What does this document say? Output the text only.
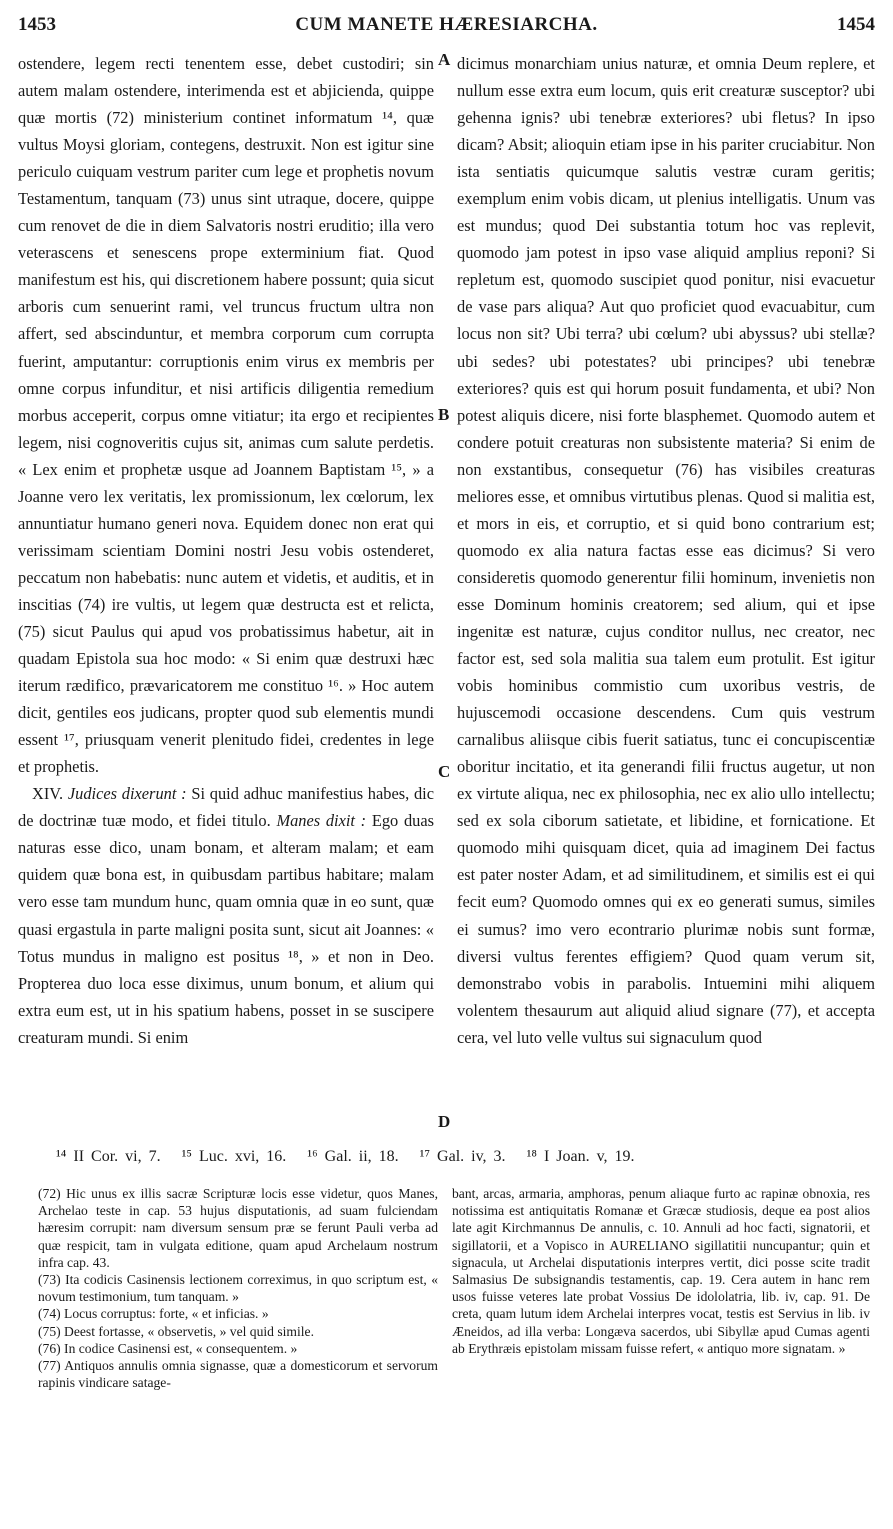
1453	CUM MANETE HÆRESIARCHA.	1454

ostendere, legem recti tenentem esse, debet custodiri; sin autem malam ostendere, interimenda est et abjicienda, quippe quæ mortis (72) ministerium continet informatum ¹⁴, quæ vultus Moysi gloriam, contegens, destruxit. Non est igitur sine periculo cuiquam vestrum pariter cum lege et prophetis novum Testamentum, tanquam (73) unus sint utraque, docere, quippe cum renovet de die in diem Salvatoris nostri eruditio; illa vero veterascens et senescens prope exterminium fiat. Quod manifestum est his, qui discretionem habere possunt; quia sicut arboris cum senuerint rami, vel truncus fructum ultra non affert, sed abscinduntur, et membra corporum cum corrupta fuerint, amputantur: corruptionis enim virus ex membris per omne corpus infunditur, et nisi artificis diligentia remedium morbus acceperit, corpus omne vitiatur; ita ergo et recipientes legem, nisi cognoveritis cujus sit, animas cum salute perdetis. « Lex enim et prophetæ usque ad Joannem Baptistam ¹⁵, » a Joanne vero lex veritatis, lex promissionum, lex cœlorum, lex annuntiatur humano generi nova. Equidem donec non erat qui verissimam scientiam Domini nostri Jesu vobis ostenderet, peccatum non habebatis: nunc autem et videtis, et auditis, et in inscitias (74) ire vultis, ut legem quæ destructa est et relicta, (75) sicut Paulus qui apud vos probatissimus habetur, ait in quadam Epistola sua hoc modo: « Si enim quæ destruxi hæc iterum rædifico, prævaricatorem me constituo ¹⁶. » Hoc autem dicit, gentiles eos judicans, propter quod sub elementis mundi essent ¹⁷, priusquam venerit plenitudo fidei, credentes in lege et prophetis.

XIV. Judices dixerunt : Si quid adhuc manifestius habes, dic de doctrinæ tuæ modo, et fidei titulo. Manes dixit : Ego duas naturas esse dico, unam bonam, et alteram malam; et eam quidem quæ bona est, in quibusdam partibus habitare; malam vero esse tam mundum hunc, quam omnia quæ in eo sunt, quæ quasi ergastula in parte maligni posita sunt, sicut ait Joannes: « Totus mundus in maligno est positus ¹⁸, » et non in Deo. Propterea duo loca esse diximus, unum bonum, et alium qui extra eum est, ut in his spatium habens, posset in se suscipere creaturam mundi. Si enim

A
B
C
D

dicimus monarchiam unius naturæ, et omnia Deum replere, et nullum esse extra eum locum, quis erit creaturæ susceptor? ubi gehenna ignis? ubi tenebræ exteriores? ubi fletus? In ipso dicam? Absit; alioquin etiam ipse in his pariter cruciabitur. Non ista sentiatis quicumque salutis vestræ curam geritis; exemplum enim vobis dicam, ut plenius intelligatis. Unum vas est mundus; quod Dei substantia totum hoc vas replevit, quomodo jam potest in ipso vase aliquid amplius reponi? Si repletum est, quomodo suscipiet quod ponitur, nisi evacuetur de vase pars aliqua? Aut quo proficiet quod evacuabitur, cum locus non sit? Ubi terra? ubi cœlum? ubi abyssus? ubi stellæ? ubi sedes? ubi potestates? ubi principes? ubi tenebræ exteriores? quis est qui horum posuit fundamenta, et ubi? Non potest aliquis dicere, nisi forte blasphemet. Quomodo autem et condere potuit creaturas non subsistente materia? Si enim de non exstantibus, consequetur (76) has visibiles creaturas meliores esse, et omnibus virtutibus plenas. Quod si malitia est, et mors in eis, et corruptio, et si quid bono contrarium est; quomodo ex alia natura factas esse eas dicimus? Si vero consideretis quomodo generentur filii hominum, invenietis non esse Dominum hominis creatorem; sed alium, qui et ipse ingenitæ est naturæ, cujus conditor nullus, nec creator, nec factor est, sed sola malitia sua talem eum protulit. Est igitur vobis hominibus commistio cum uxoribus vestris, de hujuscemodi occasione descendens. Cum quis vestrum carnalibus aliisque cibis fuerit satiatus, tunc ei concupiscentiæ oboritur incitatio, et ita generandi filii fructus augetur, ut non ex virtute aliqua, nec ex philosophia, nec ex alio ullo intellectu; sed ex sola ciborum satietate, et libidine, et fornicatione. Et quomodo mihi quisquam dicet, quia ad imaginem Dei factus est pater noster Adam, et ad similitudinem, et similis est ei qui fecit eum? Quomodo omnes qui ex eo generati sumus, similes ei sumus? imo vero econtrario plurimæ nobis sunt formæ, diversi vultus ferentes effigiem? Quod quam verum sit, demonstrabo vobis in parabolis. Intuemini mihi aliquem volentem thesaurum aut aliquid aliud signare (77), et accepta cera, vel luto velle vultus sui signaculum quod

¹⁴ II Cor. vi, 7. ¹⁵ Luc. xvi, 16. ¹⁶ Gal. ii, 18. ¹⁷ Gal. iv, 3. ¹⁸ I Joan. v, 19.

(72) Hic unus ex illis sacræ Scripturæ locis esse videtur, quos Manes, Archelao teste in cap. 53 hujus disputationis, ad suam fulciendam hæresim corrupit: nam diversum sensum præ se ferunt Pauli verba ad quæ respicit, tam in vulgata editione, quam apud Archelaum nostrum infra cap. 43.

(73) Ita codicis Casinensis lectionem correximus, in quo scriptum est, « novum testimonium, tum tanquam. »

(74) Locus corruptus: forte, « et inficias. »

(75) Deest fortasse, « observetis, » vel quid simile.

(76) In codice Casinensi est, « consequentem. »

(77) Antiquos annulis omnia signasse, quæ a domesticorum et servorum rapinis vindicare satage-

bant, arcas, armaria, amphoras, penum aliaque furto ac rapinæ obnoxia, res notissima est antiquitatis Romanæ et Græcæ studiosis, deque ea post alios late agit Kirchmannus De annulis, c. 10. Annuli ad hoc facti, signatorii, et sigillatorii, et a Vopisco in AURELIANO sigillatitii nuncupantur; quin et signacula, ut Archelai disputationis interpres vertit, dici posse scite tradit Salmasius De subsignandis testamentis, cap. 19. Cera autem in hanc rem usos fuisse veteres late probat Vossius De idololatria, lib. iv, cap. 91. De creta, quam lutum idem Archelai interpres vocat, testis est Servius in lib. iv Æneidos, ad illa verba: Longæva sacerdos, ubi Sibyllæ apud Cumas agenti ab Erythræis epistolam missam fuisse refert, « antiquo more signatam. »
